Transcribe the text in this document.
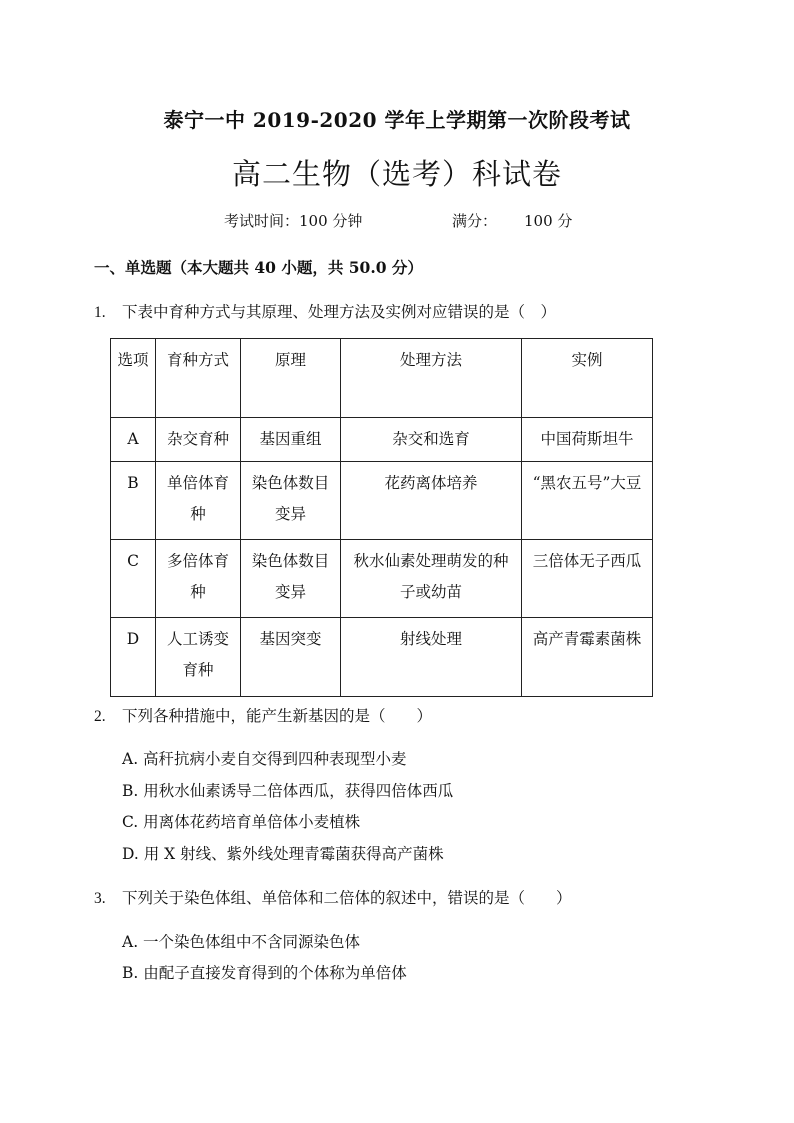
泰宁一中 2019-2020 学年上学期第一次阶段考试
高二生物（选考）科试卷
考试时间：100 分钟	满分： 100 分
一、单选题（本大题共 40 小题，共 50.0 分）
1. 下表中育种方式与其原理、处理方法及实例对应错误的是（　）
选项	育种方式	原理	处理方法	实例
A	杂交育种	基因重组	杂交和选育	中国荷斯坦牛
B	单倍体育种	染色体数目变异	花药离体培养	“黑农五号”大豆
C	多倍体育种	染色体数目变异	秋水仙素处理萌发的种子或幼苗	三倍体无子西瓜
D	人工诱变育种	基因突变	射线处理	高产青霉素菌株
2. 下列各种措施中，能产生新基因的是（　　）
A. 高秆抗病小麦自交得到四种表现型小麦
B. 用秋水仙素诱导二倍体西瓜，获得四倍体西瓜
C. 用离体花药培育单倍体小麦植株
D. 用 X 射线、紫外线处理青霉菌获得高产菌株
3. 下列关于染色体组、单倍体和二倍体的叙述中，错误的是（　　）
A. 一个染色体组中不含同源染色体
B. 由配子直接发育得到的个体称为单倍体
